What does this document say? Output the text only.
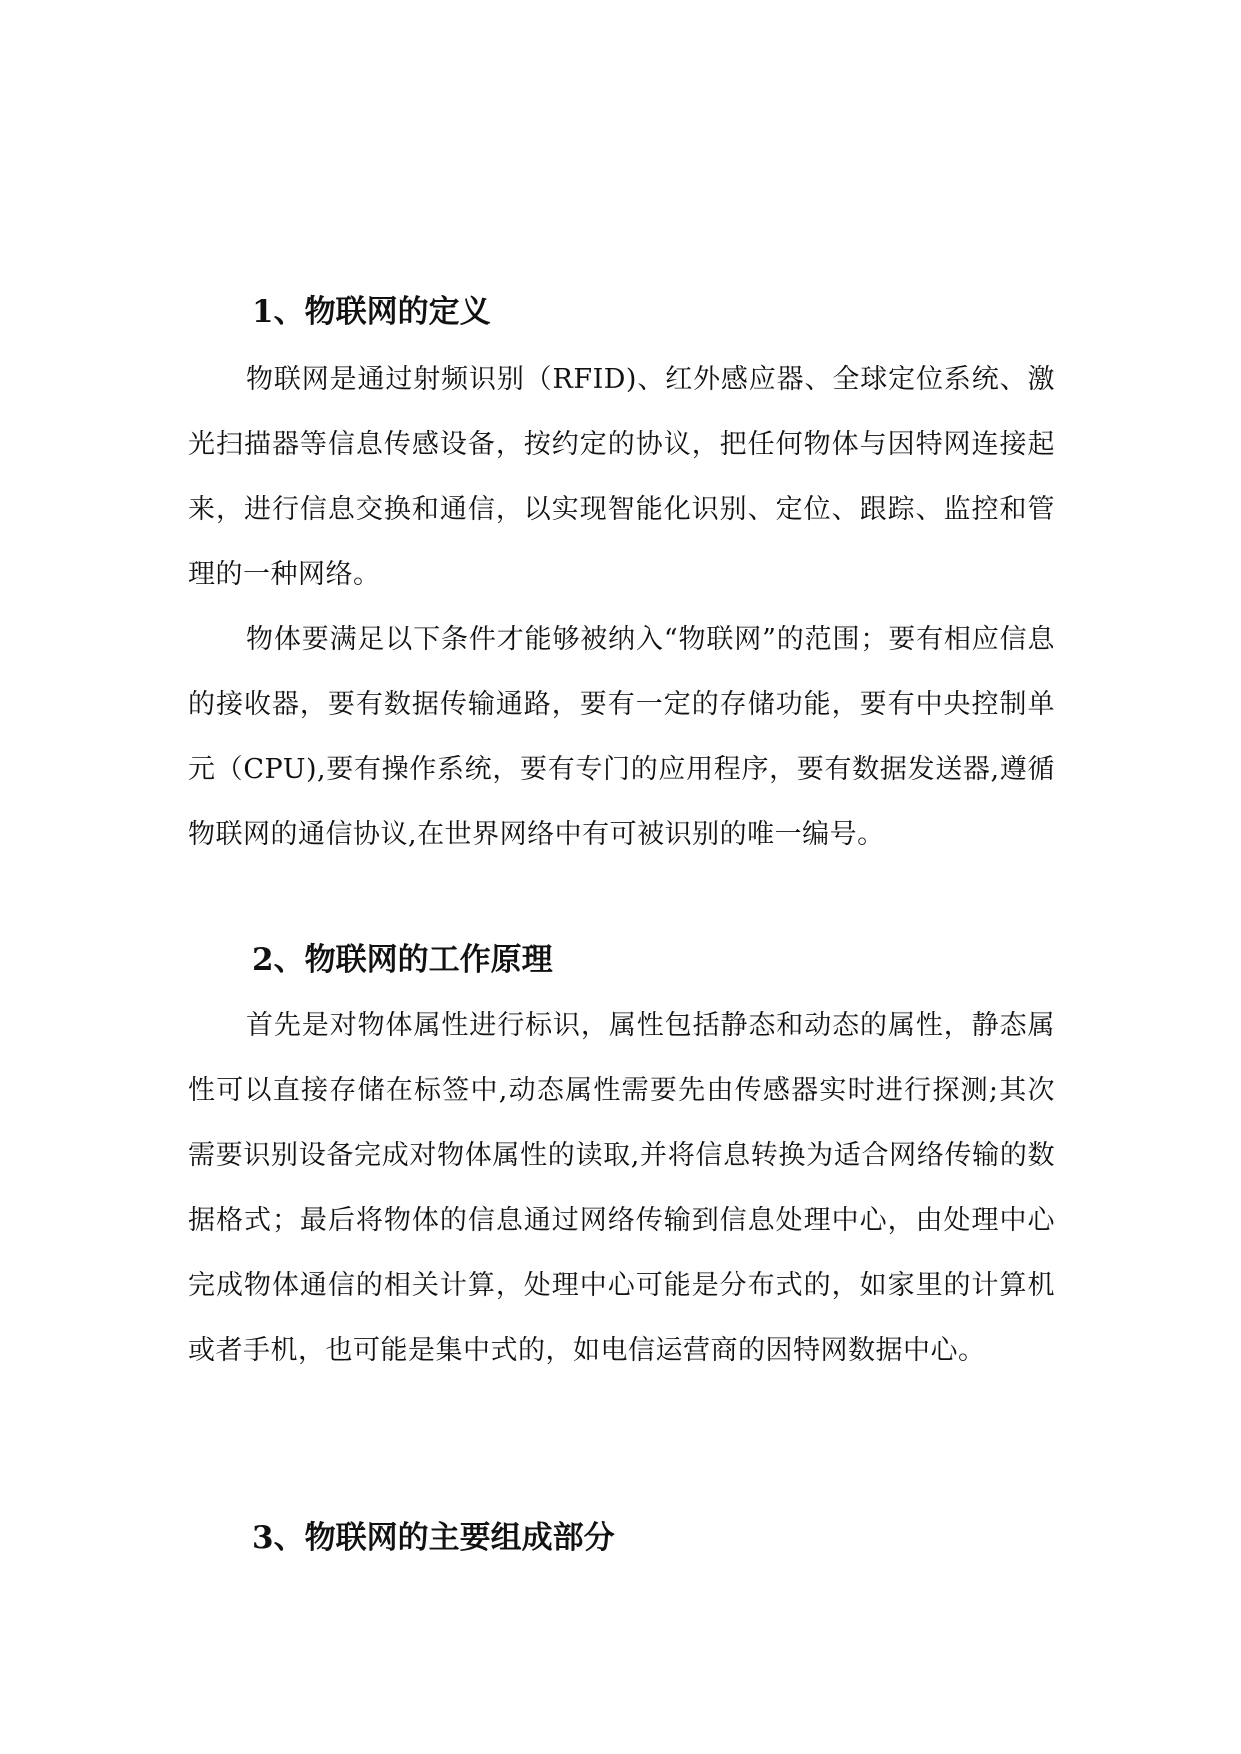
1、物联网的定义

物联网是通过射频识别（RFID)、红外感应器、全球定位系统、激光扫描器等信息传感设备，按约定的协议，把任何物体与因特网连接起来，进行信息交换和通信，以实现智能化识别、定位、跟踪、监控和管理的一种网络。

物体要满足以下条件才能够被纳入“物联网”的范围；要有相应信息的接收器，要有数据传输通路，要有一定的存储功能，要有中央控制单元（CPU),要有操作系统，要有专门的应用程序，要有数据发送器,遵循物联网的通信协议,在世界网络中有可被识别的唯一编号。

2、物联网的工作原理

首先是对物体属性进行标识，属性包括静态和动态的属性，静态属性可以直接存储在标签中,动态属性需要先由传感器实时进行探测;其次需要识别设备完成对物体属性的读取,并将信息转换为适合网络传输的数据格式；最后将物体的信息通过网络传输到信息处理中心，由处理中心完成物体通信的相关计算，处理中心可能是分布式的，如家里的计算机或者手机，也可能是集中式的，如电信运营商的因特网数据中心。

3、物联网的主要组成部分
